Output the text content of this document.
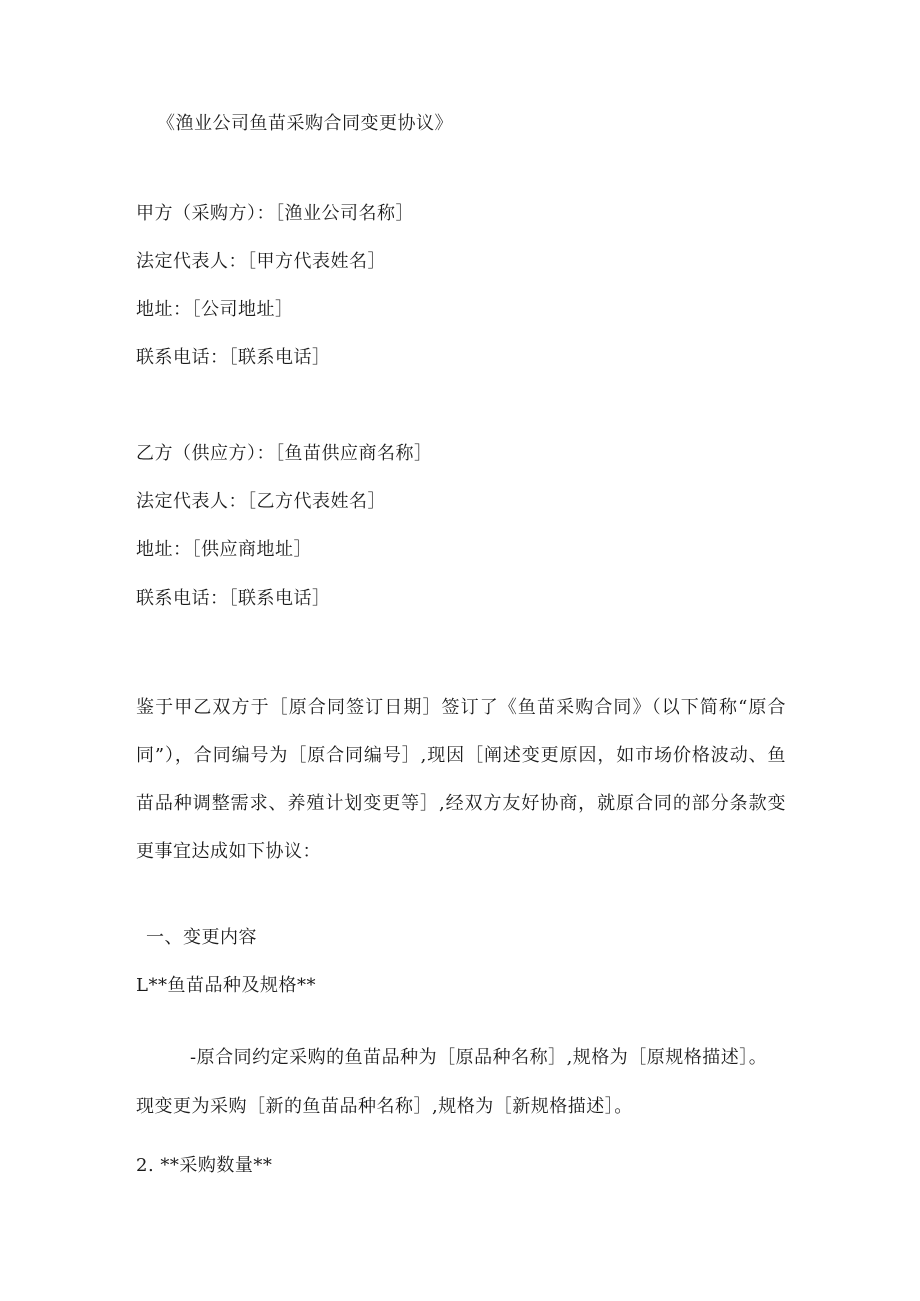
《渔业公司鱼苗采购合同变更协议》
甲方（采购方）：［渔业公司名称］
法定代表人：［甲方代表姓名］
地址：［公司地址］
联系电话：［联系电话］
乙方（供应方）：［鱼苗供应商名称］
法定代表人：［乙方代表姓名］
地址：［供应商地址］
联系电话：［联系电话］
鉴于甲乙双方于［原合同签订日期］签订了《鱼苗采购合同》（以下简称“原合同”），合同编号为［原合同编号］,现因［阐述变更原因，如市场价格波动、鱼苗品种调整需求、养殖计划变更等］,经双方友好协商，就原合同的部分条款变更事宜达成如下协议：
一、变更内容
L**鱼苗品种及规格**
-原合同约定采购的鱼苗品种为［原品种名称］,规格为［原规格描述］。
现变更为采购［新的鱼苗品种名称］,规格为［新规格描述］。
2. **采购数量**
